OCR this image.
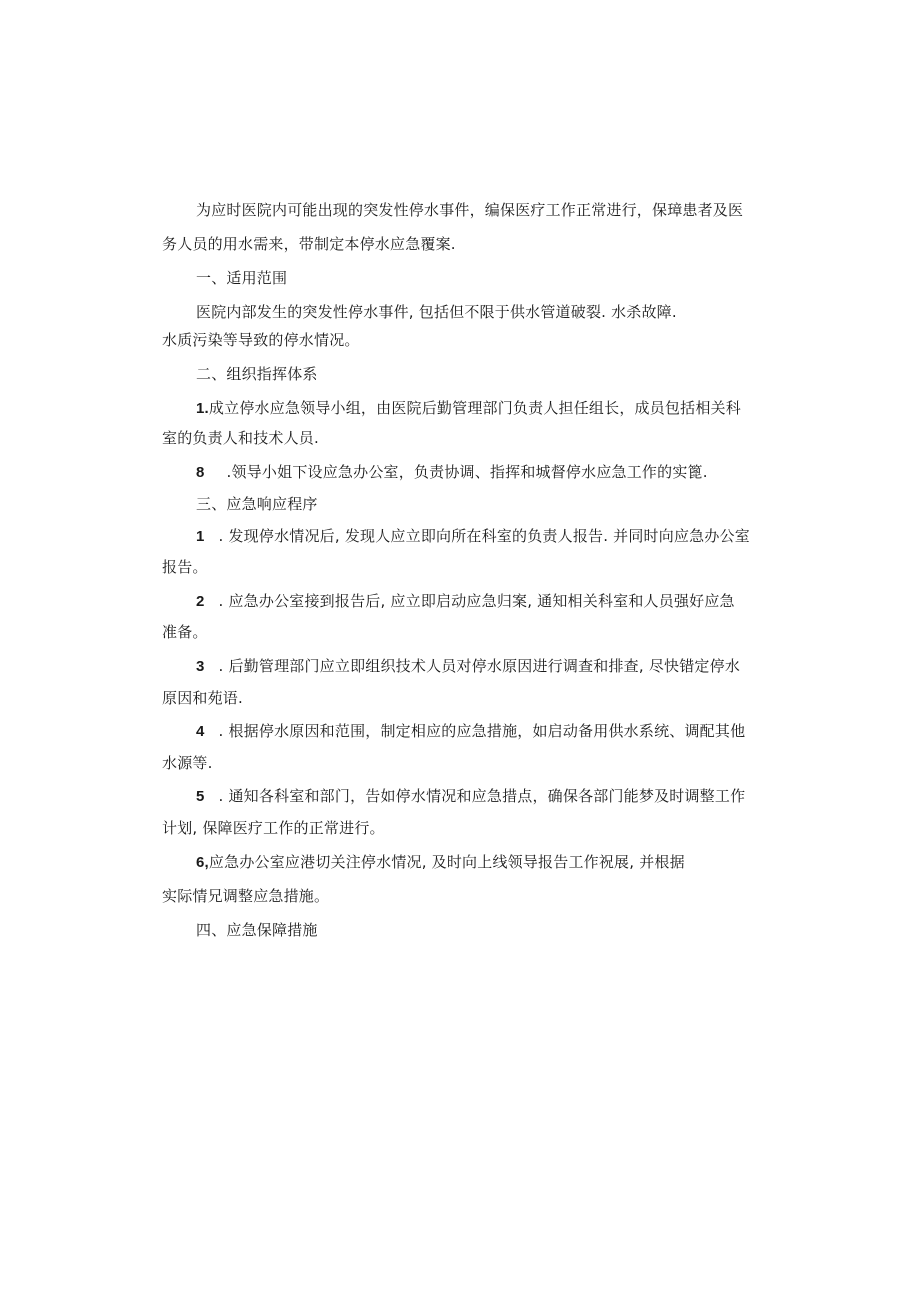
为应时医院内可能出现的突发性停水事件，编保医疗工作正常进行，保璋患者及医
务人员的用水需来，带制定本停水应急覆案.
一、适用范围
医院内部发生的突发性停水事件, 包括但不限于供水管道破裂. 水杀故障.
水质污染等导致的停水情况。
二、组织指挥体系
1.成立停水应急领导小组，由医院后勤管理部门负责人担任组长，成员包括相关科
室的负责人和技术人员.
8 .领导小姐下设应急办公室，负责协调、指挥和城督停水应急工作的实篦.
三、应急响应程序
1 . 发现停水情况后, 发现人应立即向所在科室的负责人报告. 并同时向应急办公室
报告。
2 . 应急办公室接到报告后, 应立即启动应急归案, 通知相关科室和人员强好应急
准备。
3 . 后勤管理部门应立即组织技术人员对停水原因进行调查和排查, 尽快错定停水
原因和苑语.
4 . 根据停水原因和范围，制定相应的应急措施，如启动备用供水系统、调配其他
水源等.
5 . 通知各科室和部门，告如停水情况和应急措点，确保各部门能梦及时调整工作
计划, 保障医疗工作的正常进行。
6,应急办公室应港切关注停水情况, 及时向上线领导报告工作祝展, 并根据
实际情兄调整应急措施。
四、应急保障措施
